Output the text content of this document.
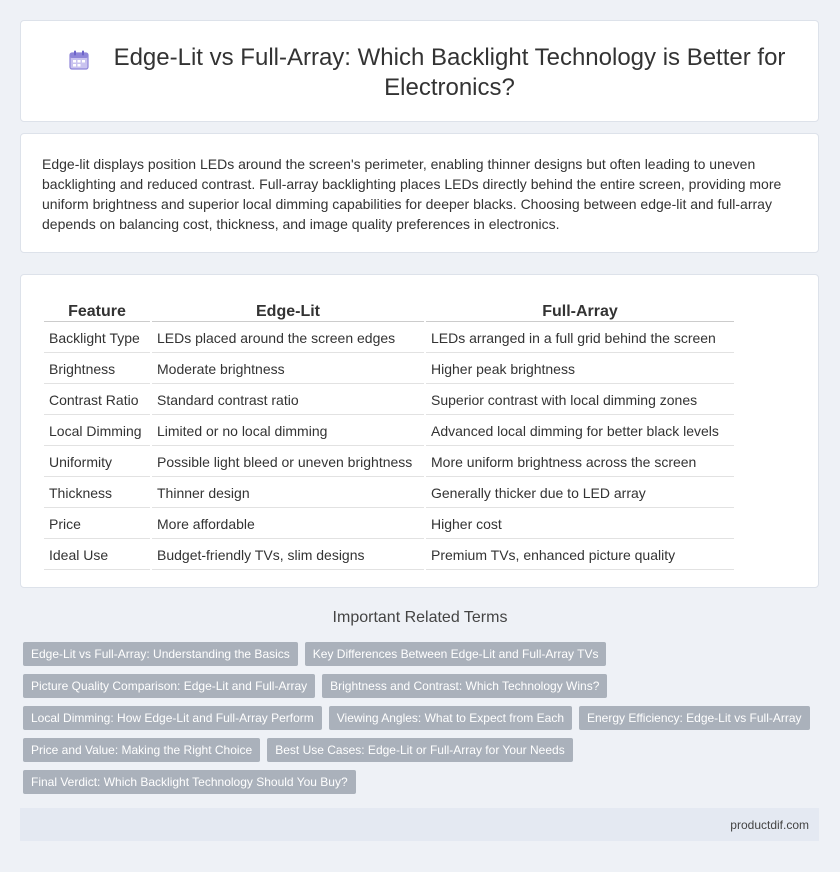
Edge-Lit vs Full-Array: Which Backlight Technology is Better for Electronics?

Edge-lit displays position LEDs around the screen's perimeter, enabling thinner designs but often leading to uneven backlighting and reduced contrast. Full-array backlighting places LEDs directly behind the entire screen, providing more uniform brightness and superior local dimming capabilities for deeper blacks. Choosing between edge-lit and full-array depends on balancing cost, thickness, and image quality preferences in electronics.

Feature	Edge-Lit	Full-Array
Backlight Type	LEDs placed around the screen edges	LEDs arranged in a full grid behind the screen
Brightness	Moderate brightness	Higher peak brightness
Contrast Ratio	Standard contrast ratio	Superior contrast with local dimming zones
Local Dimming	Limited or no local dimming	Advanced local dimming for better black levels
Uniformity	Possible light bleed or uneven brightness	More uniform brightness across the screen
Thickness	Thinner design	Generally thicker due to LED array
Price	More affordable	Higher cost
Ideal Use	Budget-friendly TVs, slim designs	Premium TVs, enhanced picture quality
Important Related Terms
Edge-Lit vs Full-Array: Understanding the Basics	Key Differences Between Edge-Lit and Full-Array TVs
Picture Quality Comparison: Edge-Lit and Full-Array	Brightness and Contrast: Which Technology Wins?
Local Dimming: How Edge-Lit and Full-Array Perform	Viewing Angles: What to Expect from Each	Energy Efficiency: Edge-Lit vs Full-Array
Price and Value: Making the Right Choice	Best Use Cases: Edge-Lit or Full-Array for Your Needs
Final Verdict: Which Backlight Technology Should You Buy?
productdif.com
